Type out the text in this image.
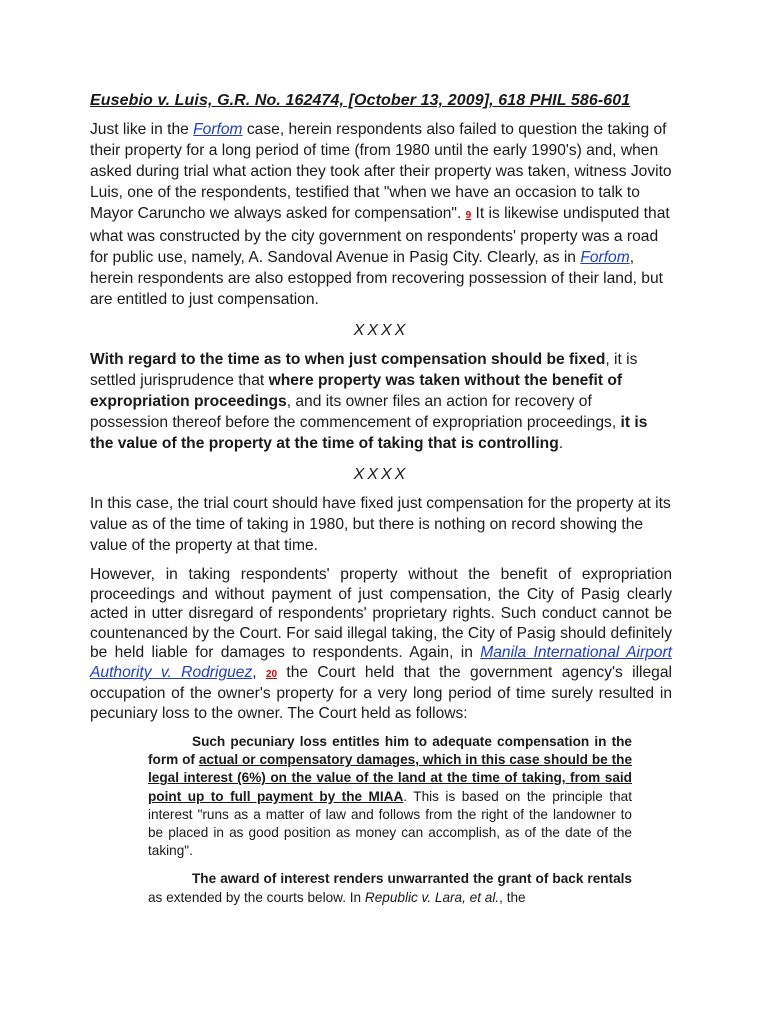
Eusebio v. Luis, G.R. No. 162474, [October 13, 2009], 618 PHIL 586-601

Just like in the Forfom case, herein respondents also failed to question the taking of their property for a long period of time (from 1980 until the early 1990's) and, when asked during trial what action they took after their property was taken, witness Jovito Luis, one of the respondents, testified that "when we have an occasion to talk to Mayor Caruncho we always asked for compensation". 9 It is likewise undisputed that what was constructed by the city government on respondents' property was a road for public use, namely, A. Sandoval Avenue in Pasig City. Clearly, as in Forfom, herein respondents are also estopped from recovering possession of their land, but are entitled to just compensation.

XXXX

With regard to the time as to when just compensation should be fixed, it is settled jurisprudence that where property was taken without the benefit of expropriation proceedings, and its owner files an action for recovery of possession thereof before the commencement of expropriation proceedings, it is the value of the property at the time of taking that is controlling.

XXXX

In this case, the trial court should have fixed just compensation for the property at its value as of the time of taking in 1980, but there is nothing on record showing the value of the property at that time.

However, in taking respondents' property without the benefit of expropriation proceedings and without payment of just compensation, the City of Pasig clearly acted in utter disregard of respondents' proprietary rights. Such conduct cannot be countenanced by the Court. For said illegal taking, the City of Pasig should definitely be held liable for damages to respondents. Again, in Manila International Airport Authority v. Rodriguez, 20 the Court held that the government agency's illegal occupation of the owner's property for a very long period of time surely resulted in pecuniary loss to the owner. The Court held as follows:

Such pecuniary loss entitles him to adequate compensation in the form of actual or compensatory damages, which in this case should be the legal interest (6%) on the value of the land at the time of taking, from said point up to full payment by the MIAA. This is based on the principle that interest "runs as a matter of law and follows from the right of the landowner to be placed in as good position as money can accomplish, as of the date of the taking".

The award of interest renders unwarranted the grant of back rentals as extended by the courts below. In Republic v. Lara, et al., the
